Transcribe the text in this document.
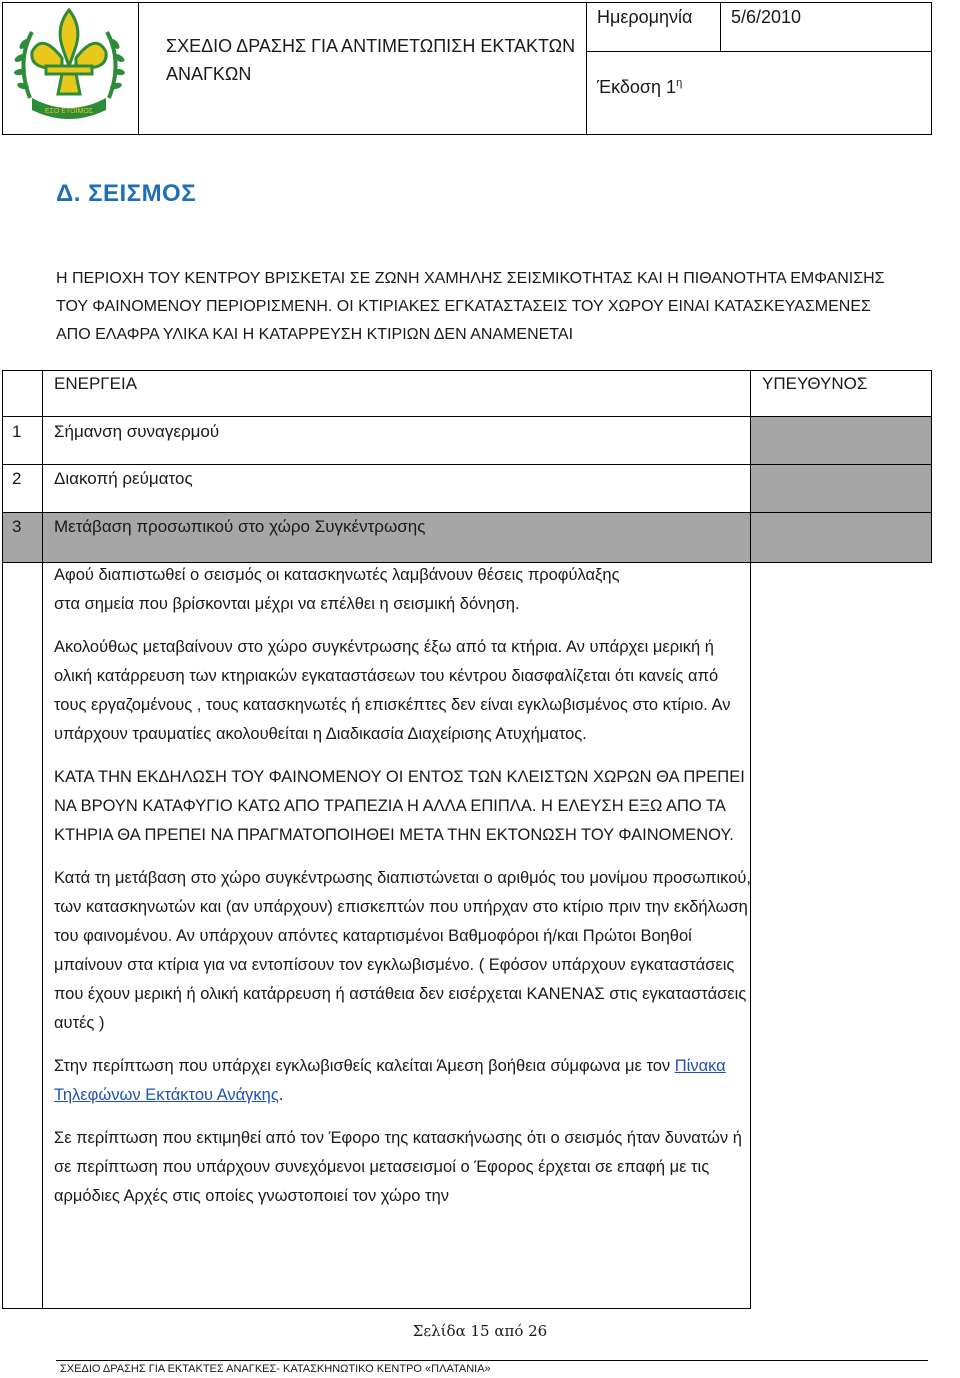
ΕΣΟ ΕΤΟΙΜΟΣ
ΣΧΕΔΙΟ ΔΡΑΣΗΣ ΓΙΑ ΑΝΤΙΜΕΤΩΠΙΣΗ ΕΚΤΑΚΤΩΝ
ΑΝΑΓΚΩΝ
Ημερομηνία 5/6/2010
Έκδοση $1^\eta$
Δ. ΣΕΙΣΜΟΣ

Η ΠΕΡΙΟΧΗ ΤΟΥ ΚΕΝΤΡΟΥ ΒΡΙΣΚΕΤΑΙ ΣΕ ΖΩΝΗ ΧΑΜΗΛΗΣ ΣΕΙΣΜΙΚΟΤΗΤΑΣ ΚΑΙ Η ΠΙΘΑΝΟΤΗΤΑ ΕΜΦΑΝΙΣΗΣ

ΤΟΥ ΦΑΙΝΟΜΕΝΟΥ ΠΕΡΙΟΡΙΣΜΕΝΗ. ΟΙ ΚΤΙΡΙΑΚΕΣ ΕΓΚΑΤΑΣΤΑΣΕΙΣ ΤΟΥ ΧΩΡΟΥ ΕΙΝΑΙ ΚΑΤΑΣΚΕΥΑΣΜΕΝΕΣ

ΑΠΟ ΕΛΑΦΡΑ ΥΛΙΚΑ ΚΑΙ Η ΚΑΤΑΡΡΕΥΣΗ ΚΤΙΡΙΩΝ ΔΕΝ ΑΝΑΜΕΝΕΤΑΙ

ΕΝΕΡΓΕΙΑ	ΥΠΕΥΘΥΝΟΣ
1 Σήμανση συναγερμού
2 Διακοπή ρεύματος
3 Μετάβαση προσωπικού στο χώρο Συγκέντρωσης

Αφού διαπιστωθεί ο σεισμός οι κατασκηνωτές λαμβάνουν θέσεις προφύλαξης
στα σημεία που βρίσκονται μέχρι να επέλθει η σεισμική δόνηση.

Ακολούθως μεταβαίνουν στο χώρο συγκέντρωσης έξω από τα κτήρια. Αν υπάρχει μερική ή ολική κατάρρευση των κτηριακών εγκαταστάσεων του κέντρου διασφαλίζεται ότι κανείς από τους εργαζομένους , τους κατασκηνωτές ή επισκέπτες δεν είναι εγκλωβισμένος στο κτίριο. Αν υπάρχουν τραυματίες ακολουθείται η Διαδικασία Διαχείρισης Ατυχήματος.

ΚΑΤΑ ΤΗΝ ΕΚΔΗΛΩΣΗ ΤΟΥ ΦΑΙΝΟΜΕΝΟΥ ΟΙ ΕΝΤΟΣ ΤΩΝ ΚΛΕΙΣΤΩΝ ΧΩΡΩΝ ΘΑ ΠΡΕΠΕΙ ΝΑ ΒΡΟΥΝ ΚΑΤΑΦΥΓΙΟ ΚΑΤΩ ΑΠΟ ΤΡΑΠΕΖΙΑ Η ΑΛΛΑ ΕΠΙΠΛΑ. Η ΕΛΕΥΣΗ ΕΞΩ ΑΠΟ ΤΑ ΚΤΗΡΙΑ ΘΑ ΠΡΕΠΕΙ ΝΑ ΠΡΑΓΜΑΤΟΠΟΙΗΘΕΙ ΜΕΤΑ ΤΗΝ ΕΚΤΟΝΩΣΗ ΤΟΥ ΦΑΙΝΟΜΕΝΟΥ.

Κατά τη μετάβαση στο χώρο συγκέντρωσης διαπιστώνεται ο αριθμός του μονίμου προσωπικού, των κατασκηνωτών και (αν υπάρχουν) επισκεπτών που υπήρχαν στο κτίριο πριν την εκδήλωση του φαινομένου. Αν υπάρχουν απόντες καταρτισμένοι Βαθμοφόροι ή/και Πρώτοι Βοηθοί μπαίνουν στα κτίρια για να εντοπίσουν τον εγκλωβισμένο. ( Εφόσον υπάρχουν εγκαταστάσεις που έχουν μερική ή ολική κατάρρευση ή αστάθεια δεν εισέρχεται ΚΑΝΕΝΑΣ στις εγκαταστάσεις αυτές )

Στην περίπτωση που υπάρχει εγκλωβισθείς καλείται Άμεση βοήθεια σύμφωνα με τον Πίνακα Τηλεφώνων Εκτάκτου Ανάγκης.

Σε περίπτωση που εκτιμηθεί από τον Έφορο της κατασκήνωσης ότι ο σεισμός ήταν δυνατών ή σε περίπτωση που υπάρχουν συνεχόμενοι μετασεισμοί ο Έφορος έρχεται σε επαφή με τις αρμόδιες Αρχές στις οποίες γνωστοποιεί τον χώρο την

Σελίδα 15 από 26
ΣΧΕΔΙΟ ΔΡΑΣΗΣ ΓΙΑ ΕΚΤΑΚΤΕΣ ΑΝΑΓΚΕΣ- ΚΑΤΑΣΚΗΝΩΤΙΚΟ ΚΕΝΤΡΟ «ΠΛΑΤΑΝΙΑ»
